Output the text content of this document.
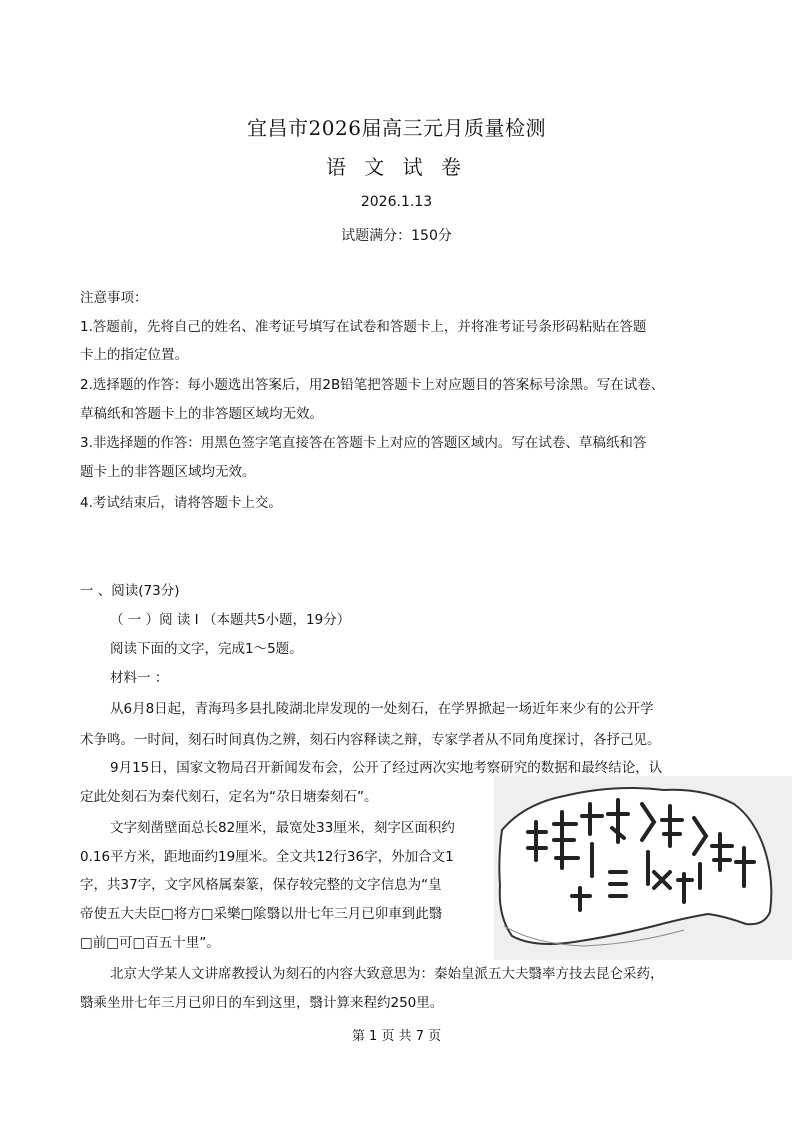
宜昌市2026届高三元月质量检测
语 文 试 卷
2026.1.13
试题满分：150分
注意事项：
1.答题前，先将自己的姓名、准考证号填写在试卷和答题卡上，并将准考证号条形码粘贴在答题
卡上的指定位置。
2.选择题的作答：每小题选出答案后，用2B铅笔把答题卡上对应题目的答案标号涂黑。写在试卷、
草稿纸和答题卡上的非答题区域均无效。
3.非选择题的作答：用黑色签字笔直接答在答题卡上对应的答题区域内。写在试卷、草稿纸和答
题卡上的非答题区域均无效。
4.考试结束后，请将答题卡上交。
一 、阅读(73分)
（ 一 ）阅 读 I （本题共5小题，19分）
阅读下面的文字，完成1～5题。
材料一 ：
从6月8日起，青海玛多县扎陵湖北岸发现的一处刻石，在学界掀起一场近年来少有的公开学
术争鸣。一时间，刻石时间真伪之辨，刻石内容释读之辩，专家学者从不同角度探讨，各抒己见。
9月15日，国家文物局召开新闻发布会，公开了经过两次实地考察研究的数据和最终结论，认
定此处刻石为秦代刻石，定名为“尕日塘秦刻石”。
文字刻凿壁面总长82厘米，最宽处33厘米，刻字区面积约
0.16平方米，距地面约19厘米。全文共12行36字，外加合文1
字，共37字，文字风格属秦篆，保存较完整的文字信息为“皇
帝使五大夫臣□将方□采樂□隂翳以卅七年三月已卯車到此翳
□前□可□百五十里”。
北京大学某人文讲席教授认为刻石的内容大致意思为：秦始皇派五大夫翳率方技去昆仑采药，
翳乘坐卅七年三月已卯日的车到这里，翳计算来程约250里。
第 1 页 共 7 页
